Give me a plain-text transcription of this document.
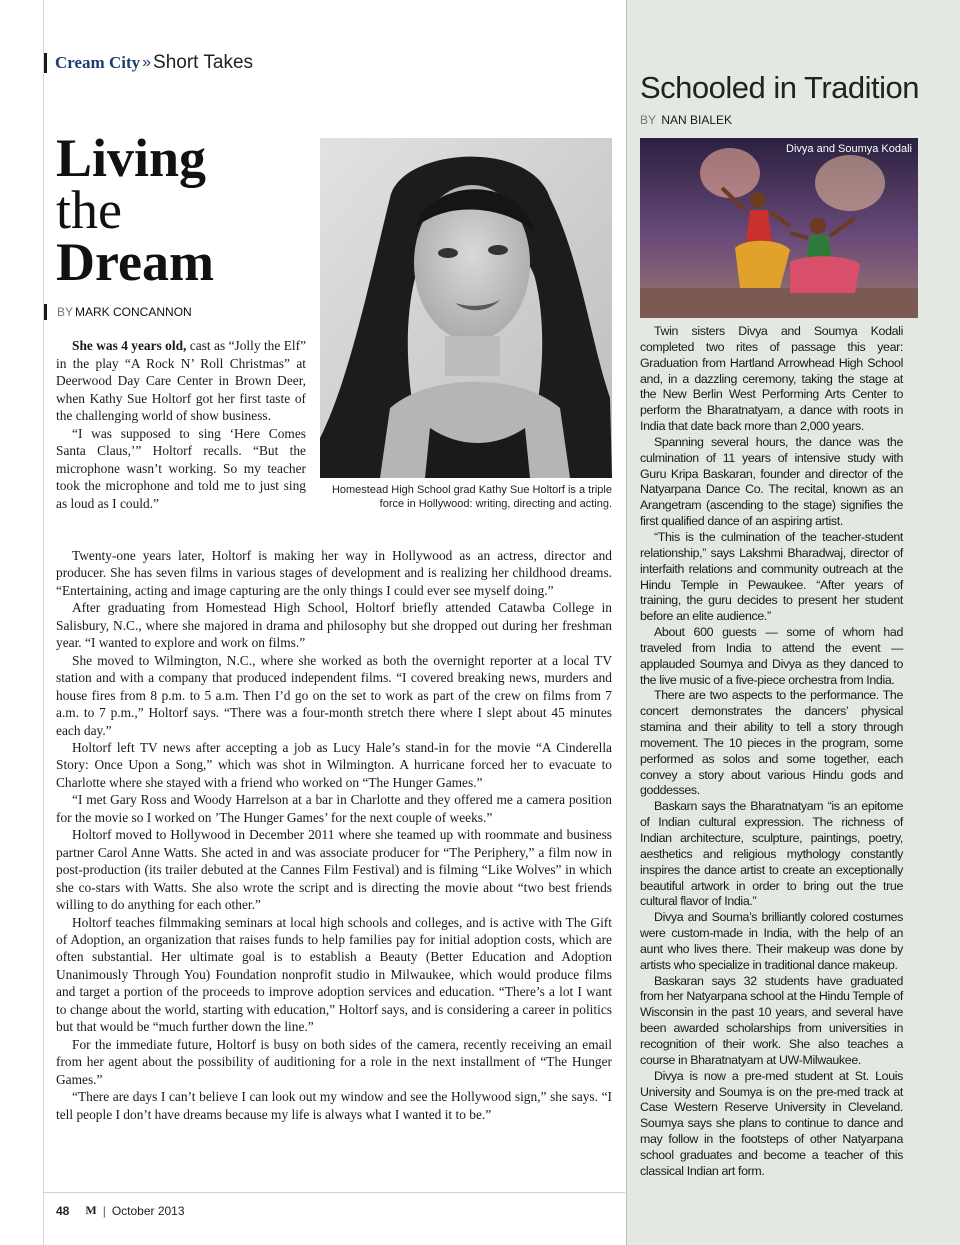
Cream City » Short Takes
Living
the
Dream
BY MARK CONCANNON
Homestead High School grad Kathy Sue Holtorf is a triple force in Hollywood: writing, directing and acting.

She was 4 years old, cast as “Jolly the Elf” in the play “A Rock N’ Roll Christmas” at Deerwood Day Care Center in Brown Deer, when Kathy Sue Holtorf got her first taste of the challenging world of show business.

“I was supposed to sing ‘Here Comes Santa Claus,’” Holtorf recalls. “But the microphone wasn’t working. So my teacher took the microphone and told me to just sing as loud as I could.”

Twenty-one years later, Holtorf is making her way in Hollywood as an actress, director and producer. She has seven films in various stages of development and is realizing her childhood dreams. “Entertaining, acting and image capturing are the only things I could ever see myself doing.”

After graduating from Homestead High School, Holtorf briefly attended Catawba College in Salisbury, N.C., where she majored in drama and philosophy but she dropped out during her freshman year. “I wanted to explore and work on films.”

She moved to Wilmington, N.C., where she worked as both the overnight reporter at a local TV station and with a company that produced independent films. “I covered breaking news, murders and house fires from 8 p.m. to 5 a.m. Then I’d go on the set to work as part of the crew on films from 7 a.m. to 7 p.m.,” Holtorf says. “There was a four-month stretch there where I slept about 45 minutes each day.”

Holtorf left TV news after accepting a job as Lucy Hale’s stand-in for the movie “A Cinderella Story: Once Upon a Song,” which was shot in Wilmington. A hurricane forced her to evacuate to Charlotte where she stayed with a friend who worked on “The Hunger Games.”

“I met Gary Ross and Woody Harrelson at a bar in Charlotte and they offered me a camera position for the movie so I worked on ’The Hunger Games’ for the next couple of weeks.”

Holtorf moved to Hollywood in December 2011 where she teamed up with roommate and business partner Carol Anne Watts. She acted in and was associate producer for “The Periphery,” a film now in post-production (its trailer debuted at the Cannes Film Festival) and is filming “Like Wolves” in which she co-stars with Watts. She also wrote the script and is directing the movie about “two best friends willing to do anything for each other.”

Holtorf teaches filmmaking seminars at local high schools and colleges, and is active with The Gift of Adoption, an organization that raises funds to help families pay for initial adoption costs, which are often substantial. Her ultimate goal is to establish a Beauty (Better Education and Adoption Unanimously Through You) Foundation nonprofit studio in Milwaukee, which would produce films and target a portion of the proceeds to improve adoption services and education. “There’s a lot I want to change about the world, starting with education,” Holtorf says, and is considering a career in politics but that would be “much further down the line.”

For the immediate future, Holtorf is busy on both sides of the camera, recently receiving an email from her agent about the possibility of auditioning for a role in the next installment of “The Hunger Games.”

“There are days I can’t believe I can look out my window and see the Hollywood sign,” she says. “I tell people I don’t have dreams because my life is always what I wanted it to be.”

48 M | October 2013
Schooled in Tradition
BY NAN BIALEK
Divya and Soumya Kodali

Twin sisters Divya and Soumya Kodali completed two rites of passage this year: Graduation from Hartland Arrowhead High School and, in a dazzling ceremony, taking the stage at the New Berlin West Performing Arts Center to perform the Bharatnatyam, a dance with roots in India that date back more than 2,000 years.

Spanning several hours, the dance was the culmination of 11 years of intensive study with Guru Kripa Baskaran, founder and director of the Natyarpana Dance Co. The recital, known as an Arangetram (ascending to the stage) signifies the first qualified dance of an aspiring artist.

“This is the culmination of the teacher-student relationship,” says Lakshmi Bharadwaj, director of interfaith relations and community outreach at the Hindu Temple in Pewaukee. “After years of training, the guru decides to present her student before an elite audience.”

About 600 guests — some of whom had traveled from India to attend the event — applauded Soumya and Divya as they danced to the live music of a five-piece orchestra from India.

There are two aspects to the performance. The concert demonstrates the dancers’ physical stamina and their ability to tell a story through movement. The 10 pieces in the program, some performed as solos and some together, each convey a story about various Hindu gods and goddesses.

Baskarn says the Bharatnatyam “is an epitome of Indian cultural expression. The richness of Indian architecture, sculpture, paintings, poetry, aesthetics and religious mythology constantly inspires the dance artist to create an exceptionally beautiful artwork in order to bring out the true cultural flavor of India.”

Divya and Souma’s brilliantly colored costumes were custom-made in India, with the help of an aunt who lives there. Their makeup was done by artists who specialize in traditional dance makeup.

Baskaran says 32 students have graduated from her Natyarpana school at the Hindu Temple of Wisconsin in the past 10 years, and several have been awarded scholarships from universities in recognition of their work. She also teaches a course in Bharatnatyam at UW-Milwaukee.

Divya is now a pre-med student at St. Louis University and Soumya is on the pre-med track at Case Western Reserve University in Cleveland. Soumya says she plans to continue to dance and may follow in the footsteps of other Natyarpana school graduates and become a teacher of this classical Indian art form.
